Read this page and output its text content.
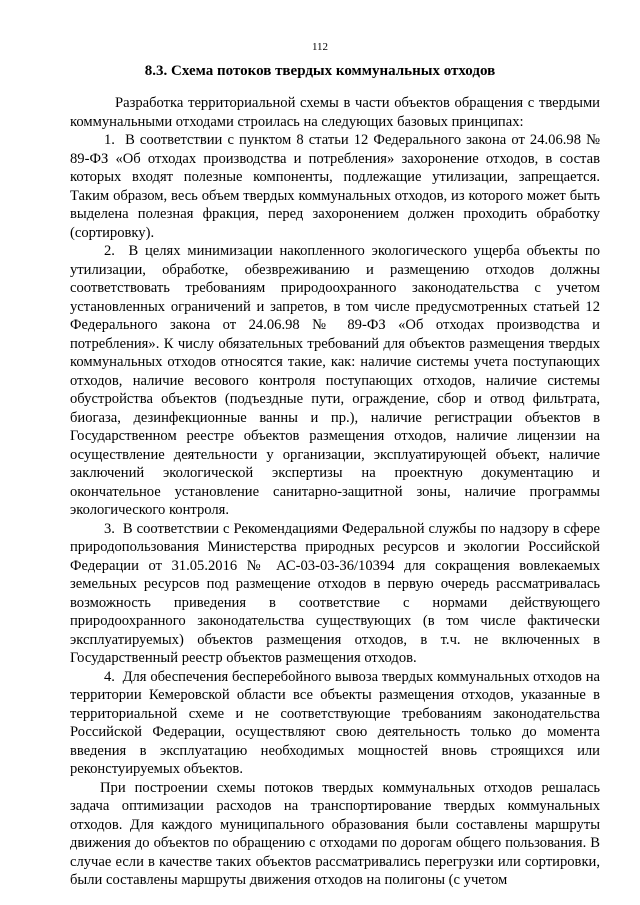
112
8.3. Схема потоков твердых коммунальных отходов

Разработка территориальной схемы в части объектов обращения с твердыми коммунальными отходами строилась на следующих базовых принципах:

1.  В соответствии с пунктом 8 статьи 12 Федерального закона от 24.06.98 № 89-ФЗ «Об отходах производства и потребления» захоронение отходов, в состав которых входят полезные компоненты, подлежащие утилизации, запрещается. Таким образом, весь объем твердых коммунальных отходов, из которого может быть выделена полезная фракция, перед захоронением должен проходить обработку (сортировку).

2.  В целях минимизации накопленного экологического ущерба объекты по утилизации, обработке, обезвреживанию и размещению отходов должны соответствовать требованиям природоохранного законодательства с учетом установленных ограничений и запретов, в том числе предусмотренных статьей 12 Федерального закона от 24.06.98 № 89-ФЗ «Об отходах производства и потребления». К числу обязательных требований для объектов размещения твердых коммунальных отходов относятся такие, как: наличие системы учета поступающих отходов, наличие весового контроля поступающих отходов, наличие системы обустройства объектов (подъездные пути, ограждение, сбор и отвод фильтрата, биогаза, дезинфекционные ванны и пр.), наличие регистрации объектов в Государственном реестре объектов размещения отходов, наличие лицензии на осуществление деятельности у организации, эксплуатирующей объект, наличие заключений экологической экспертизы на проектную документацию и окончательное установление санитарно-защитной зоны, наличие программы экологического контроля.

3.  В соответствии с Рекомендациями Федеральной службы по надзору в сфере природопользования Министерства природных ресурсов и экологии Российской Федерации от 31.05.2016 № АС-03-03-36/10394 для сокращения вовлекаемых земельных ресурсов под размещение отходов в первую очередь рассматривалась возможность приведения в соответствие с нормами действующего природоохранного законодательства существующих (в том числе фактически эксплуатируемых) объектов размещения отходов, в т.ч. не включенных в Государственный реестр объектов размещения отходов.

4.  Для обеспечения бесперебойного вывоза твердых коммунальных отходов на территории Кемеровской области все объекты размещения отходов, указанные в территориальной схеме и не соответствующие требованиям законодательства Российской Федерации, осуществляют свою деятельность только до момента введения в эксплуатацию необходимых мощностей вновь строящихся или реконстуируемых объектов.

При построении схемы потоков твердых коммунальных отходов решалась задача оптимизации расходов на транспортирование твердых коммунальных отходов. Для каждого муниципального образования были составлены маршруты движения до объектов по обращению с отходами по дорогам общего пользования. В случае если в качестве таких объектов рассматривались перегрузки или сортировки, были составлены маршруты движения отходов на полигоны (с учетом
